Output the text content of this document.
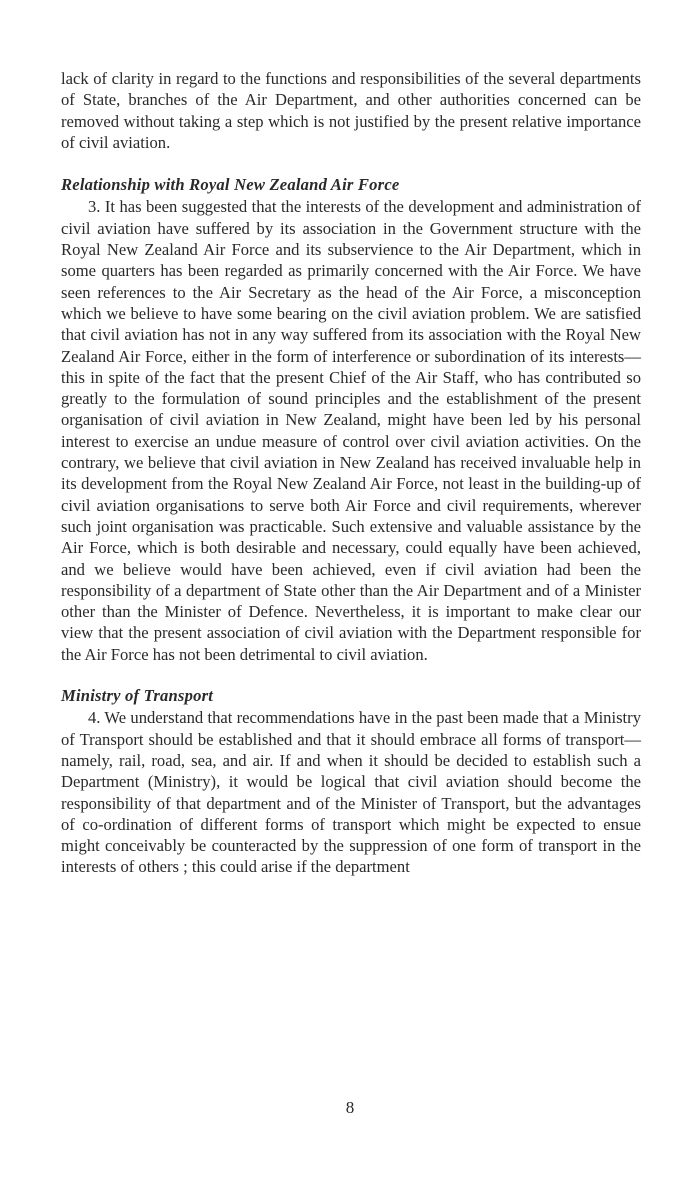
lack of clarity in regard to the functions and responsibilities of the several departments of State, branches of the Air Department, and other authorities concerned can be removed without taking a step which is not justified by the present relative importance of civil aviation.

Relationship with Royal New Zealand Air Force

3. It has been suggested that the interests of the development and administration of civil aviation have suffered by its association in the Government structure with the Royal New Zealand Air Force and its subservience to the Air Department, which in some quarters has been regarded as primarily concerned with the Air Force. We have seen references to the Air Secretary as the head of the Air Force, a misconception which we believe to have some bearing on the civil aviation problem. We are satisfied that civil aviation has not in any way suffered from its association with the Royal New Zealand Air Force, either in the form of interference or subordination of its interests—this in spite of the fact that the present Chief of the Air Staff, who has contributed so greatly to the formulation of sound principles and the establishment of the present organisation of civil aviation in New Zealand, might have been led by his personal interest to exercise an undue measure of control over civil aviation activities. On the contrary, we believe that civil aviation in New Zealand has received invaluable help in its development from the Royal New Zealand Air Force, not least in the building-up of civil aviation organisations to serve both Air Force and civil requirements, wherever such joint organisation was practicable. Such extensive and valuable assistance by the Air Force, which is both desirable and necessary, could equally have been achieved, and we believe would have been achieved, even if civil aviation had been the responsibility of a department of State other than the Air Department and of a Minister other than the Minister of Defence. Nevertheless, it is important to make clear our view that the present association of civil aviation with the Department responsible for the Air Force has not been detrimental to civil aviation.

Ministry of Transport

4. We understand that recommendations have in the past been made that a Ministry of Transport should be established and that it should embrace all forms of transport—namely, rail, road, sea, and air. If and when it should be decided to establish such a Department (Ministry), it would be logical that civil aviation should become the responsibility of that department and of the Minister of Transport, but the advantages of co-ordination of different forms of transport which might be expected to ensue might conceivably be counteracted by the suppression of one form of transport in the interests of others ; this could arise if the department

8
